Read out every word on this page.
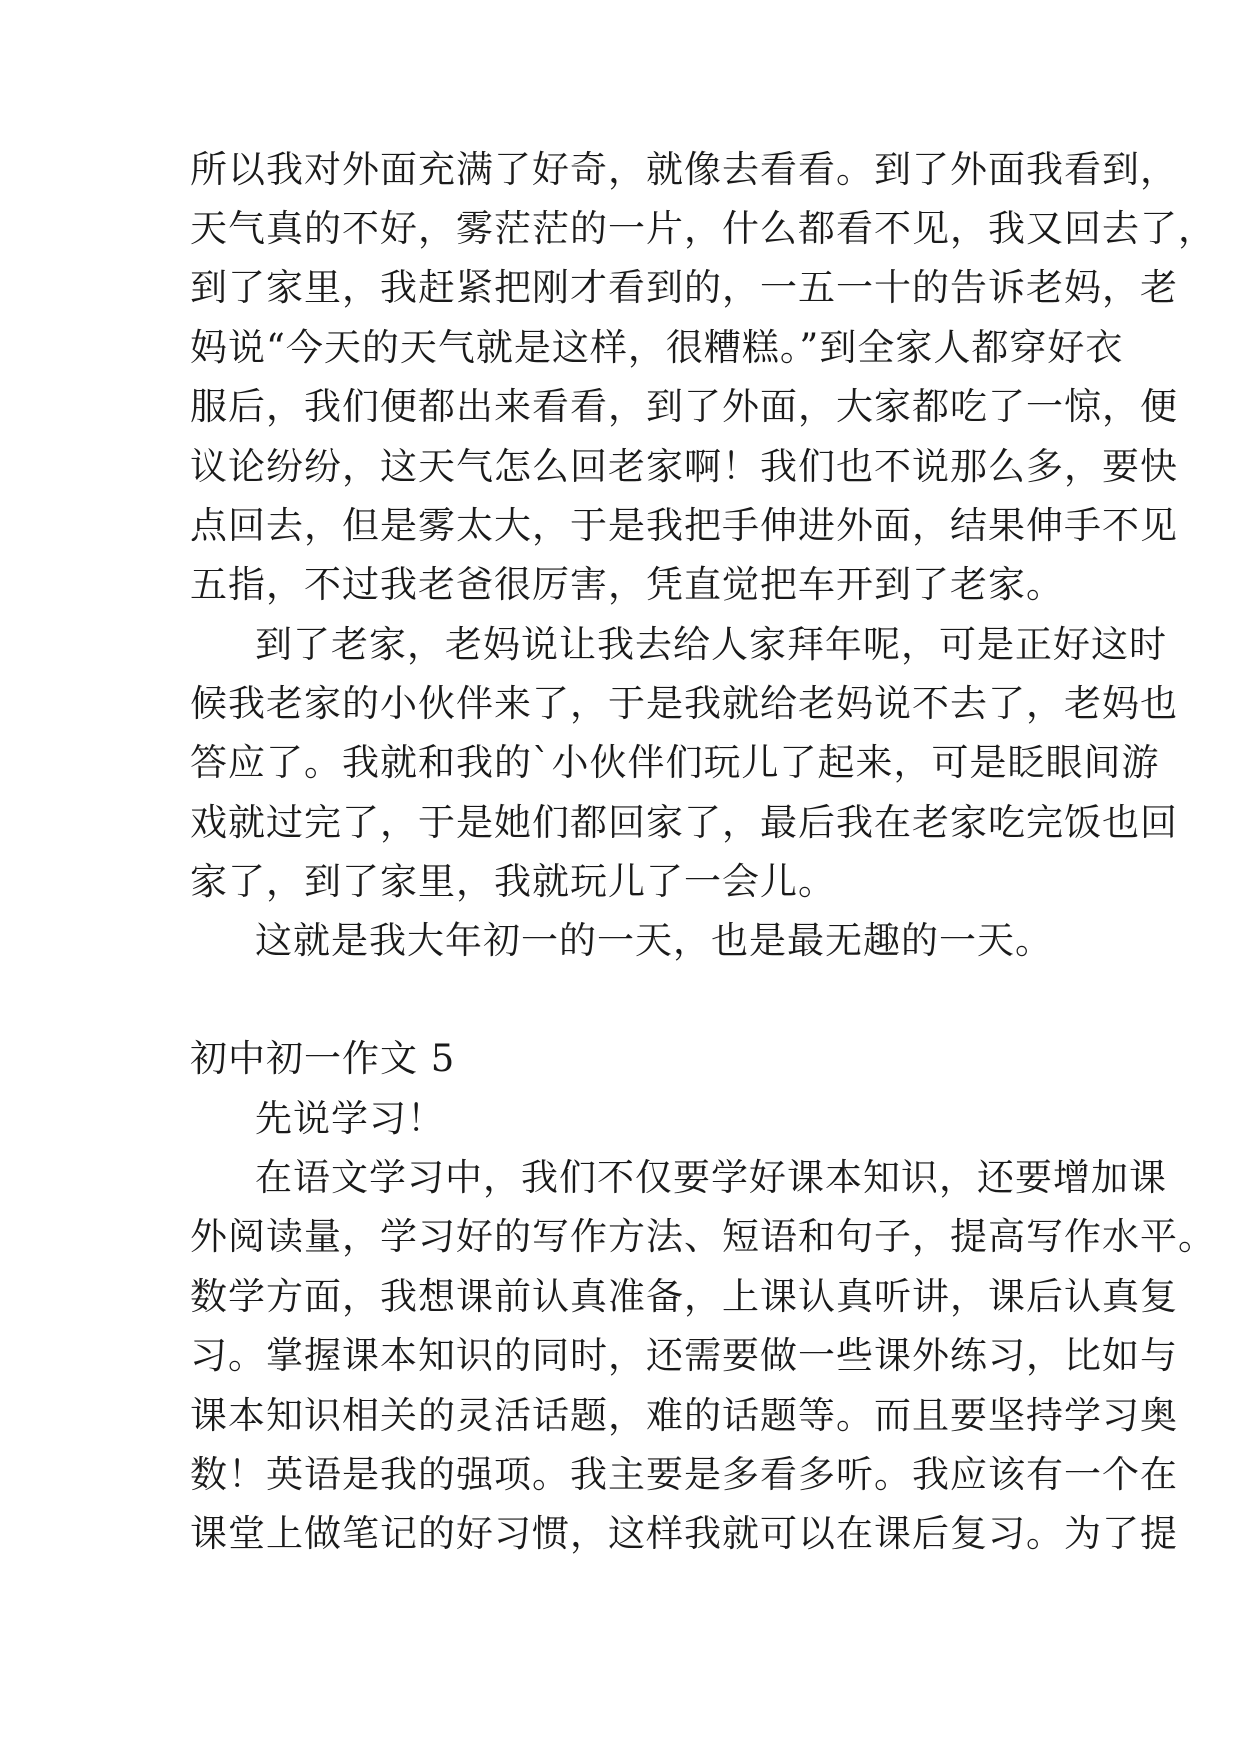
所以我对外面充满了好奇，就像去看看。到了外面我看到，
天气真的不好，雾茫茫的一片，什么都看不见，我又回去了，
到了家里，我赶紧把刚才看到的，一五一十的告诉老妈，老
妈说“今天的天气就是这样，很糟糕。”到全家人都穿好衣
服后，我们便都出来看看，到了外面，大家都吃了一惊，便
议论纷纷，这天气怎么回老家啊！我们也不说那么多，要快
点回去，但是雾太大，于是我把手伸进外面，结果伸手不见
五指，不过我老爸很厉害，凭直觉把车开到了老家。
到了老家，老妈说让我去给人家拜年呢，可是正好这时
候我老家的小伙伴来了，于是我就给老妈说不去了，老妈也
答应了。我就和我的`小伙伴们玩儿了起来，可是眨眼间游
戏就过完了，于是她们都回家了，最后我在老家吃完饭也回
家了，到了家里，我就玩儿了一会儿。
这就是我大年初一的一天，也是最无趣的一天。
初中初一作文 5
先说学习！
在语文学习中，我们不仅要学好课本知识，还要增加课
外阅读量，学习好的写作方法、短语和句子，提高写作水平。
数学方面，我想课前认真准备，上课认真听讲，课后认真复
习。掌握课本知识的同时，还需要做一些课外练习，比如与
课本知识相关的灵活话题，难的话题等。而且要坚持学习奥
数！英语是我的强项。我主要是多看多听。我应该有一个在
课堂上做笔记的好习惯，这样我就可以在课后复习。为了提
